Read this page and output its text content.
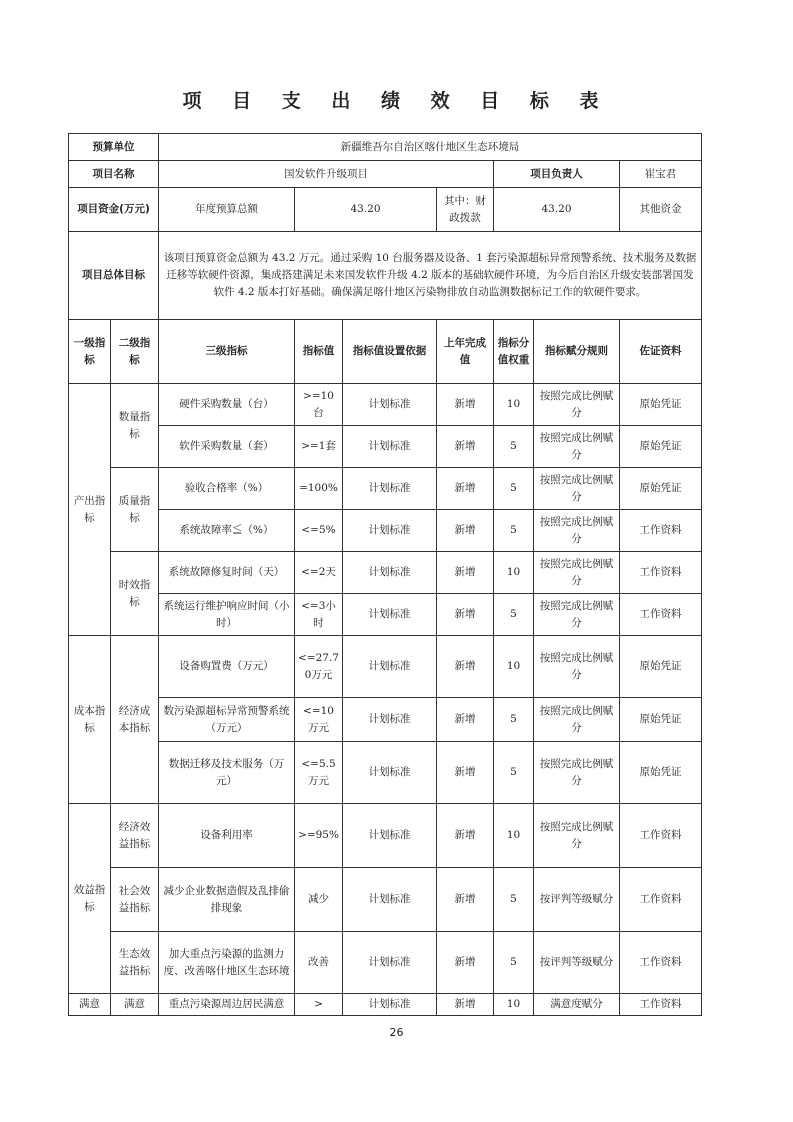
项 目 支 出 绩 效 目 标 表
预算单位		新疆维吾尔自治区喀什地区生态环境局						
项目名称		国发软件升级项目				项目负责人		崔宝君
项目资金(万元)		年度预算总额	43.20		其中：财政拨款	43.20		其他资金
项目总体目标		该项目预算资金总额为 43.2 万元。通过采购 10 台服务器及设备、1 套污染源超标异常预警系统、技术服务及数据迁移等软硬件资源，集成搭建满足未来国发软件升级 4.2 版本的基础软硬件环境，为今后自治区升级安装部署国发软件 4.2 版本打好基础。确保满足喀什地区污染物排放自动监测数据标记工作的软硬件要求。						
一级指标	二级指标	三级指标	指标值	指标值设置依据	上年完成值	指标分值权重	指标赋分规则	佐证资料
产出指标	数量指标	硬件采购数量（台）	>=10台	计划标准	新增	10	按照完成比例赋分	原始凭证
		软件采购数量（套）	>=1套	计划标准	新增	5	按照完成比例赋分	原始凭证
	质量指标	验收合格率（%）	=100%	计划标准	新增	5	按照完成比例赋分	原始凭证
		系统故障率≦（%）	<=5%	计划标准	新增	5	按照完成比例赋分	工作资料
	时效指标	系统故障修复时间（天）	<=2天	计划标准	新增	10	按照完成比例赋分	工作资料
		系统运行维护响应时间（小时）	<=3小时	计划标准	新增	5	按照完成比例赋分	工作资料
成本指标	经济成本指标	设备购置费（万元）	<=27.70万元	计划标准	新增	10	按照完成比例赋分	原始凭证
		数污染源超标异常预警系统（万元）	<=10万元	计划标准	新增	5	按照完成比例赋分	原始凭证
		数据迁移及技术服务（万元）	<=5.5万元	计划标准	新增	5	按照完成比例赋分	原始凭证
效益指标	经济效益指标	设备利用率	>=95%	计划标准	新增	10	按照完成比例赋分	工作资料
	社会效益指标	减少企业数据造假及乱排偷排现象	减少	计划标准	新增	5	按评判等级赋分	工作资料
	生态效益指标	加大重点污染源的监测力度、改善喀什地区生态环境	改善	计划标准	新增	5	按评判等级赋分	工作资料
满意	满意	重点污染源周边居民满意	>	计划标准	新增	10	满意度赋分	工作资料
26
